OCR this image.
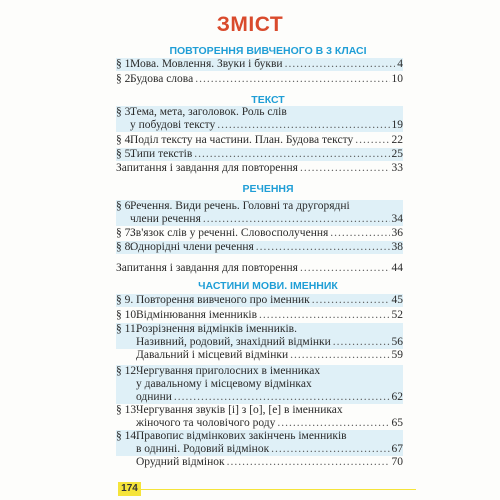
ЗМІСТ
ПОВТОРЕННЯ ВИВЧЕНОГО В 3 КЛАСІ
ТЕКСТ
РЕЧЕННЯ
ЧАСТИНИ МОВИ. ІМЕННИК
§ 1.
Мова. Мовлення. Звуки і букви .....	4
§ 2.
Будова слова .....	10
§ 3.
Тема, мета, заголовок. Роль слів
у побудові тексту .....	19
§ 4.
Поділ тексту на частини. План. Будова тексту .....	22
§ 5.
Типи текстів .....	25
Запитання і завдання для повторення .....	33
§ 6.
Речення. Види речень. Головні та другорядні
члени речення .....	34
§ 7.
Зв'язок слів у реченні. Словосполучення .....	36
§ 8.
Однорідні члени речення .....	38
Запитання і завдання для повторення .....	44
§ 9. Повторення вивченого про іменник .....	45
§ 10.
Відмінювання іменників .....	52
§ 11.
Розрізнення відмінків іменників.
Називний, родовий, знахідний відмінки .....	56
Давальний і місцевий відмінки .....	59
§ 12.
Чергування приголосних в іменниках
у давальному і місцевому відмінках
однини .....	62
§ 13.
Чергування звуків [і] з [о], [е] в іменниках
жіночого та чоловічого роду .....	65
§ 14.
Правопис відмінкових закінчень іменників
в однині. Родовий відмінок .....	67
Орудний відмінок .....	70
174
